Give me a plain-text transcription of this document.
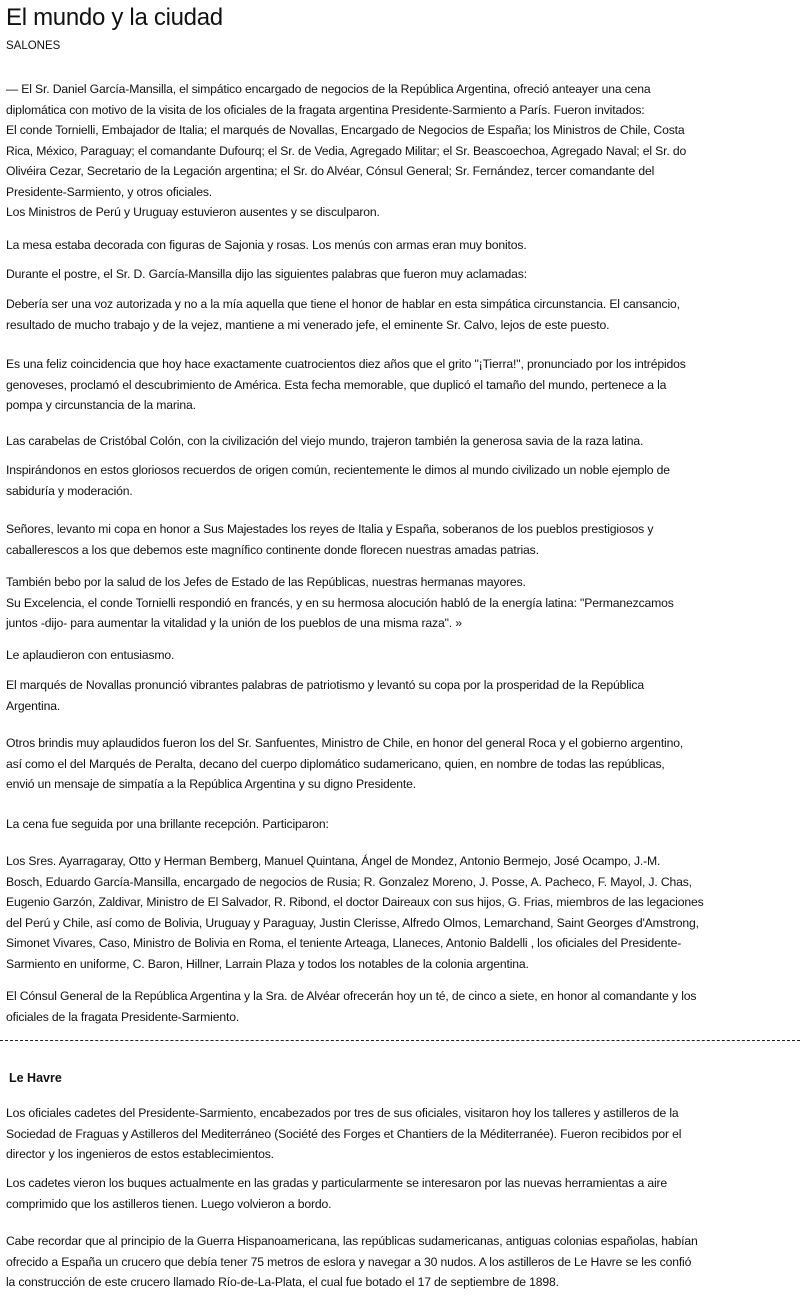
El mundo y la ciudad
SALONES
— El Sr. Daniel García-Mansilla, el simpático encargado de negocios de la República Argentina, ofreció anteayer una cena
diplomática con motivo de la visita de los oficiales de la fragata argentina Presidente-Sarmiento a París. Fueron invitados:
El conde Tornielli, Embajador de Italia; el marqués de Novallas, Encargado de Negocios de España; los Ministros de Chile, Costa
Rica, México, Paraguay; el comandante Dufourq; el Sr. de Vedia, Agregado Militar; el Sr. Beascoechoa, Agregado Naval; el Sr. do
Olivéira Cezar, Secretario de la Legación argentina; el Sr. do Alvéar, Cónsul General; Sr. Fernández, tercer comandante del
Presidente-Sarmiento, y otros oficiales.
Los Ministros de Perú y Uruguay estuvieron ausentes y se disculparon.
La mesa estaba decorada con figuras de Sajonia y rosas. Los menús con armas eran muy bonitos.
Durante el postre, el Sr. D. García-Mansilla dijo las siguientes palabras que fueron muy aclamadas:
Debería ser una voz autorizada y no a la mía aquella que tiene el honor de hablar en esta simpática circunstancia. El cansancio,
resultado de mucho trabajo y de la vejez, mantiene a mi venerado jefe, el eminente Sr. Calvo, lejos de este puesto.
Es una feliz coincidencia que hoy hace exactamente cuatrocientos diez años que el grito "¡Tierra!", pronunciado por los intrépidos
genoveses, proclamó el descubrimiento de América. Esta fecha memorable, que duplicó el tamaño del mundo, pertenece a la
pompa y circunstancia de la marina.
Las carabelas de Cristóbal Colón, con la civilización del viejo mundo, trajeron también la generosa savia de la raza latina.
Inspirándonos en estos gloriosos recuerdos de origen común, recientemente le dimos al mundo civilizado un noble ejemplo de
sabiduría y moderación.
Señores, levanto mi copa en honor a Sus Majestades los reyes de Italia y España, soberanos de los pueblos prestigiosos y
caballerescos a los que debemos este magnífico continente donde florecen nuestras amadas patrias.
También bebo por la salud de los Jefes de Estado de las Repúblicas, nuestras hermanas mayores.
Su Excelencia, el conde Tornielli respondió en francés, y en su hermosa alocución habló de la energía latina: "Permanezcamos
juntos -dijo- para aumentar la vitalidad y la unión de los pueblos de una misma raza". »
Le aplaudieron con entusiasmo.
El marqués de Novallas pronunció vibrantes palabras de patriotismo y levantó su copa por la prosperidad de la República
Argentina.
Otros brindis muy aplaudidos fueron los del Sr. Sanfuentes, Ministro de Chile, en honor del general Roca y el gobierno argentino,
así como el del Marqués de Peralta, decano del cuerpo diplomático sudamericano, quien, en nombre de todas las repúblicas,
envió un mensaje de simpatía a la República Argentina y su digno Presidente.
La cena fue seguida por una brillante recepción. Participaron:
Los Sres. Ayarragaray, Otto y Herman Bemberg, Manuel Quintana, Ángel de Mondez, Antonio Bermejo, José Ocampo, J.-M.
Bosch, Eduardo García-Mansilla, encargado de negocios de Rusia; R. Gonzalez Moreno, J. Posse, A. Pacheco, F. Mayol, J. Chas,
Eugenio Garzón, Zaldivar, Ministro de El Salvador, R. Ribond, el doctor Daireaux con sus hijos, G. Frias, miembros de las legaciones
del Perú y Chile, así como de Bolivia, Uruguay y Paraguay, Justin Clerisse, Alfredo Olmos, Lemarchand, Saint Georges d'Amstrong,
Simonet Vivares, Caso, Ministro de Bolivia en Roma, el teniente Arteaga, Llaneces, Antonio Baldelli , los oficiales del Presidente-
Sarmiento en uniforme, C. Baron, Hillner, Larrain Plaza y todos los notables de la colonia argentina.
El Cónsul General de la República Argentina y la Sra. de Alvéar ofrecerán hoy un té, de cinco a siete, en honor al comandante y los
oficiales de la fragata Presidente-Sarmiento.
Le Havre
Los oficiales cadetes del Presidente-Sarmiento, encabezados por tres de sus oficiales, visitaron hoy los talleres y astilleros de la
Sociedad de Fraguas y Astilleros del Mediterráneo (Société des Forges et Chantiers de la Méditerranée). Fueron recibidos por el
director y los ingenieros de estos establecimientos.
Los cadetes vieron los buques actualmente en las gradas y particularmente se interesaron por las nuevas herramientas a aire
comprimido que los astilleros tienen. Luego volvieron a bordo.
Cabe recordar que al principio de la Guerra Hispanoamericana, las repúblicas sudamericanas, antiguas colonias españolas, habían
ofrecido a España un crucero que debía tener 75 metros de eslora y navegar a 30 nudos. A los astilleros de Le Havre se les confió
la construcción de este crucero llamado Río-de-La-Plata, el cual fue botado el 17 de septiembre de 1898.
